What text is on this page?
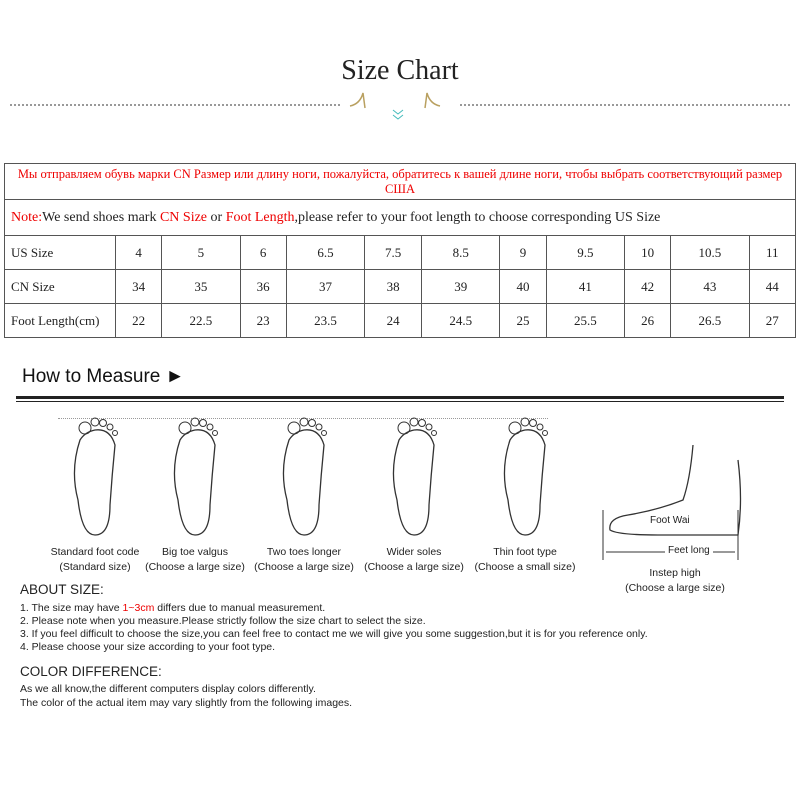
Size Chart
Мы отправляем обувь марки CN Размер или длину ноги, пожалуйста, обратитесь к вашей длине ноги, чтобы выбрать соответствующий размер США											
Note:We send shoes mark CN Size or Foot Length,please refer to your foot length to choose corresponding US Size											
US Size	4	5	6	6.5	7.5	8.5	9	9.5	10	10.5	11
CN Size	34	35	36	37	38	39	40	41	42	43	44
Foot Length(cm)	22	22.5	23	23.5	24	24.5	25	25.5	26	26.5	27
How to Measure ►
Standard foot code
(Standard size)
Big toe valgus
(Choose a large size)
Two toes longer
(Choose a large size)
Wider soles
(Choose a large size)
Thin foot type
(Choose a small size)
Foot Wai
Feet long
Instep high
(Choose a large size)
ABOUT SIZE:
1. The size may have 1~3cm differs due to manual measurement.
2. Please note when you measure.Please strictly follow the size chart to select the size.
3. If you feel difficult to choose the size,you can feel free to contact me we will give you some suggestion,but it is for you reference only.
4. Please choose your size according to your foot type.
COLOR DIFFERENCE:
As we all know,the different computers display colors differently.
The color of the actual item may vary slightly from the following images.
